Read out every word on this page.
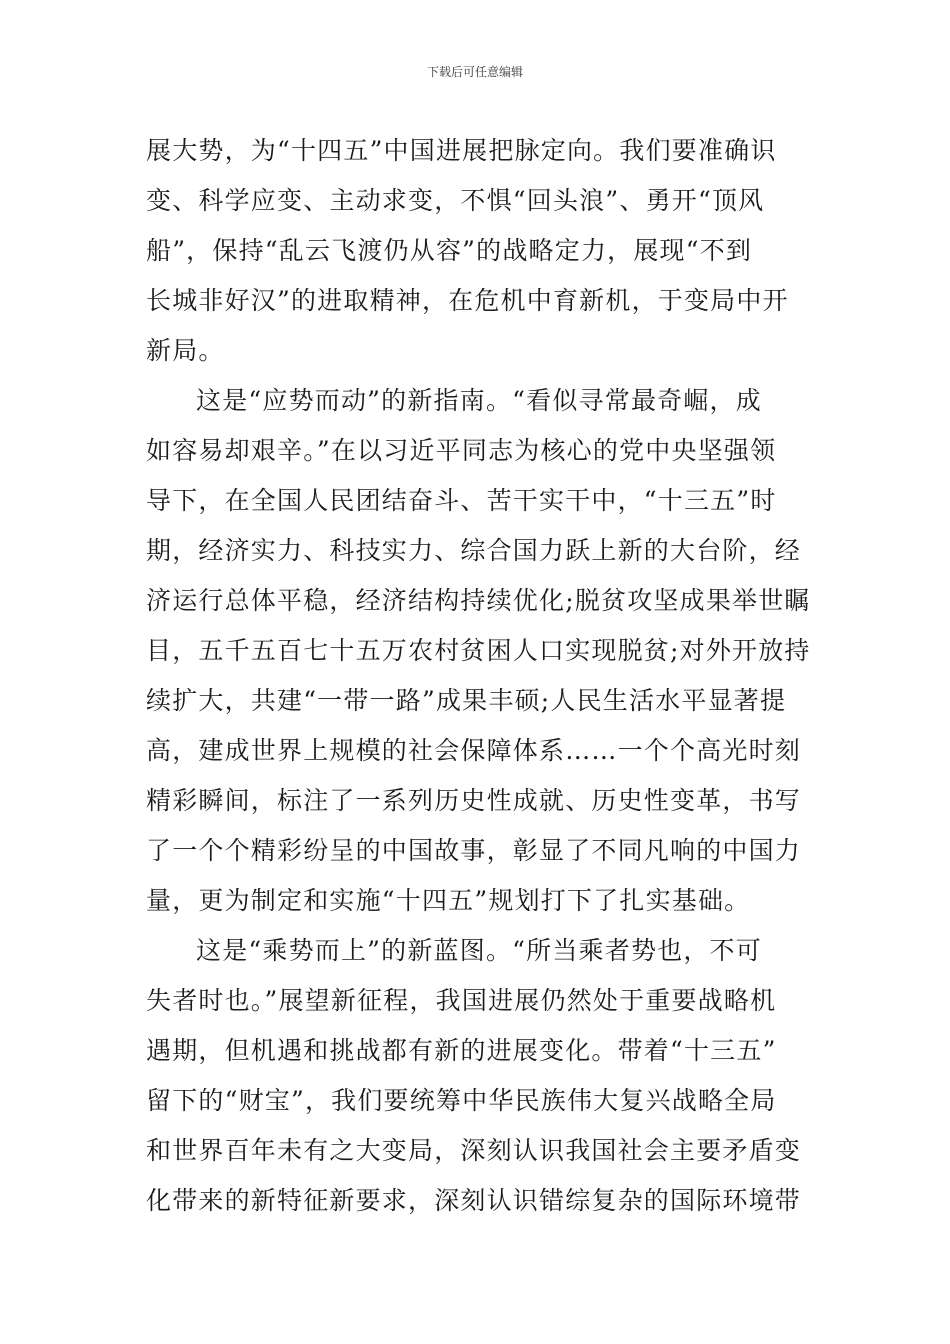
下载后可任意编辑
展大势，为“十四五”中国进展把脉定向。我们要准确识
变、科学应变、主动求变，不惧“回头浪”、勇开“顶风
船”，保持“乱云飞渡仍从容”的战略定力，展现“不到
长城非好汉”的进取精神，在危机中育新机，于变局中开
新局。
这是“应势而动”的新指南。“看似寻常最奇崛，成
如容易却艰辛。”在以习近平同志为核心的党中央坚强领
导下，在全国人民团结奋斗、苦干实干中，“十三五”时
期，经济实力、科技实力、综合国力跃上新的大台阶，经
济运行总体平稳，经济结构持续优化;脱贫攻坚成果举世瞩
目，五千五百七十五万农村贫困人口实现脱贫;对外开放持
续扩大，共建“一带一路”成果丰硕;人民生活水平显著提
高，建成世界上规模的社会保障体系……一个个高光时刻
精彩瞬间，标注了一系列历史性成就、历史性变革，书写
了一个个精彩纷呈的中国故事，彰显了不同凡响的中国力
量，更为制定和实施“十四五”规划打下了扎实基础。
这是“乘势而上”的新蓝图。“所当乘者势也，不可
失者时也。”展望新征程，我国进展仍然处于重要战略机
遇期，但机遇和挑战都有新的进展变化。带着“十三五”
留下的“财宝”，我们要统筹中华民族伟大复兴战略全局
和世界百年未有之大变局，深刻认识我国社会主要矛盾变
化带来的新特征新要求，深刻认识错综复杂的国际环境带
